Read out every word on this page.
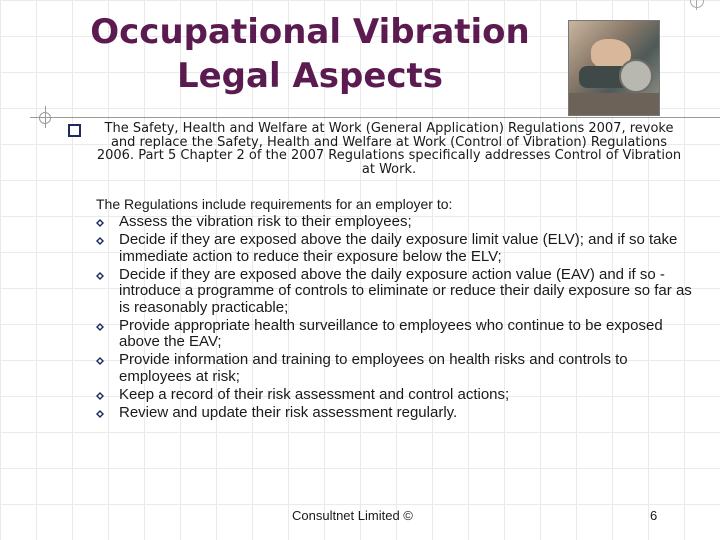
Occupational Vibration
Legal Aspects
The Safety, Health and Welfare at Work (General Application) Regulations 2007, revoke and replace the Safety, Health and Welfare at Work (Control of Vibration) Regulations 2006. Part 5 Chapter 2 of the 2007 Regulations specifically addresses Control of Vibration at Work.
The Regulations include requirements for an employer to:
Assess the vibration risk to their employees;
Decide if they are exposed above the daily exposure limit value (ELV); and if so take immediate action to reduce their exposure below the ELV;
Decide if they are exposed above the daily exposure action value (EAV) and if so - introduce a programme of controls to eliminate or reduce their daily exposure so far as is reasonably practicable;
Provide appropriate health surveillance to employees who continue to be exposed above the EAV;
Provide information and training to employees on health risks and controls to employees at risk;
Keep a record of their risk assessment and control actions;
Review and update their risk assessment regularly.
Consultnet Limited ©	6
